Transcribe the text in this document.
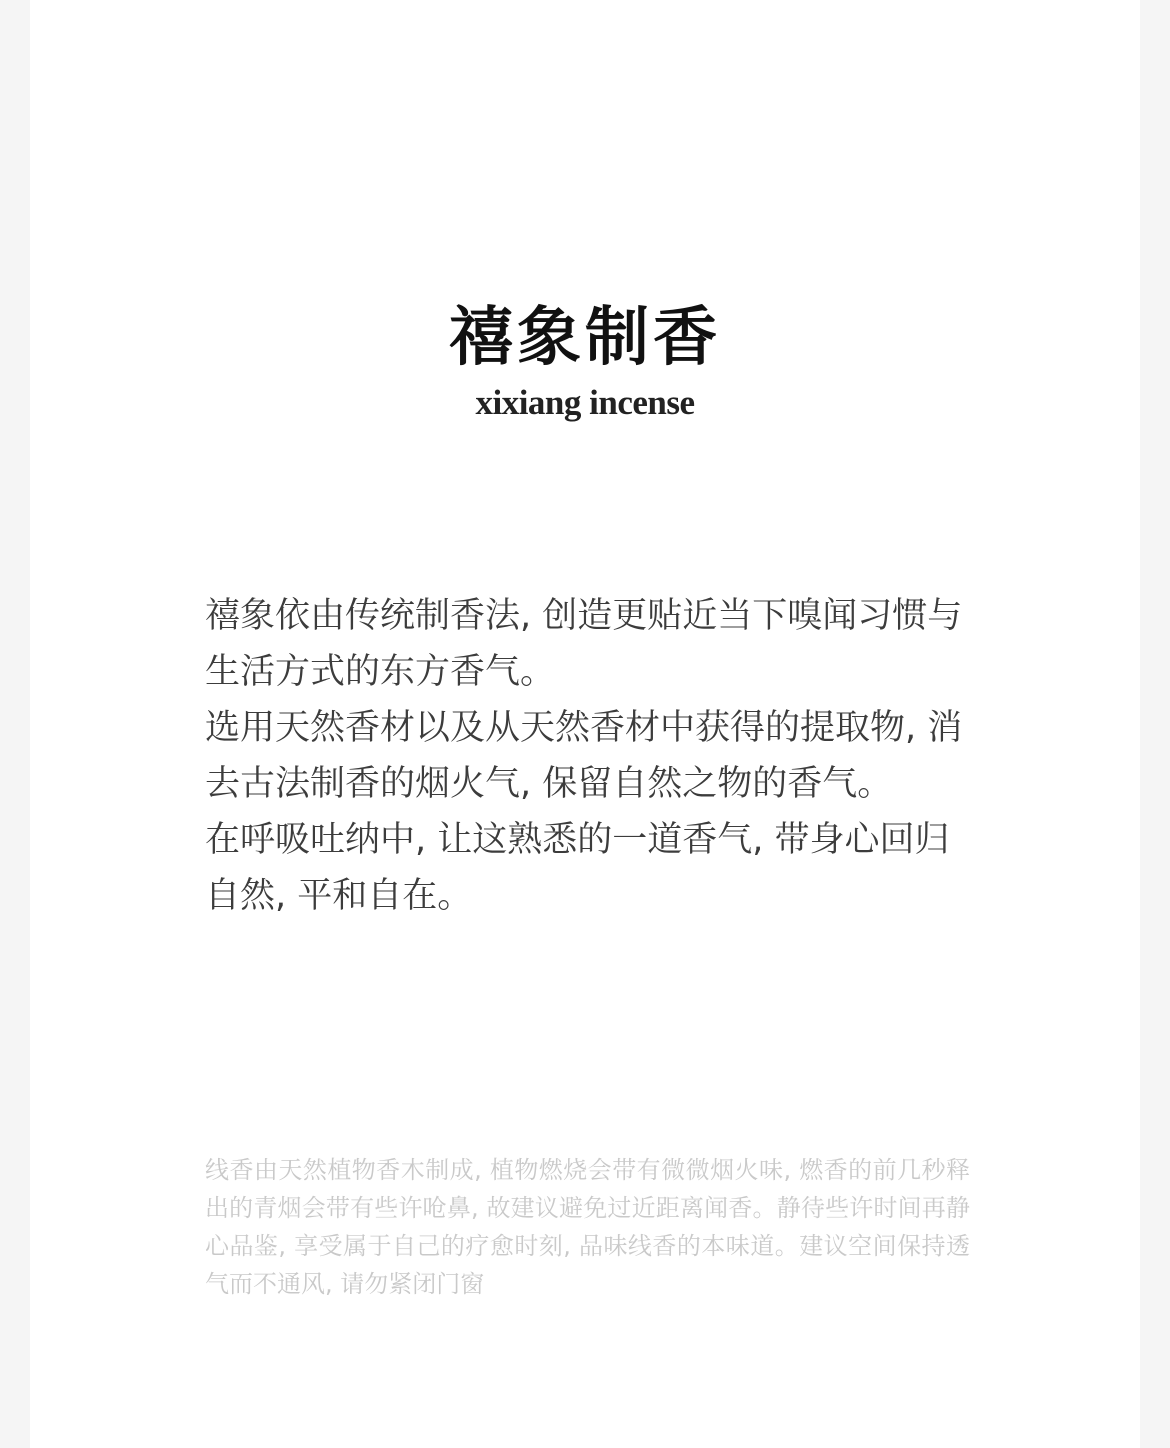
禧象制香
xixiang incense

禧象依由传统制香法, 创造更贴近当下嗅闻习惯与生活方式的东方香气。

选用天然香材以及从天然香材中获得的提取物, 消去古法制香的烟火气, 保留自然之物的香气。

在呼吸吐纳中, 让这熟悉的一道香气, 带身心回归自然, 平和自在。

线香由天然植物香木制成, 植物燃烧会带有微微烟火味, 燃香的前几秒释出的青烟会带有些许呛鼻, 故建议避免过近距离闻香。静待些许时间再静心品鉴, 享受属于自己的疗愈时刻, 品味线香的本味道。建议空间保持透气而不通风, 请勿紧闭门窗
